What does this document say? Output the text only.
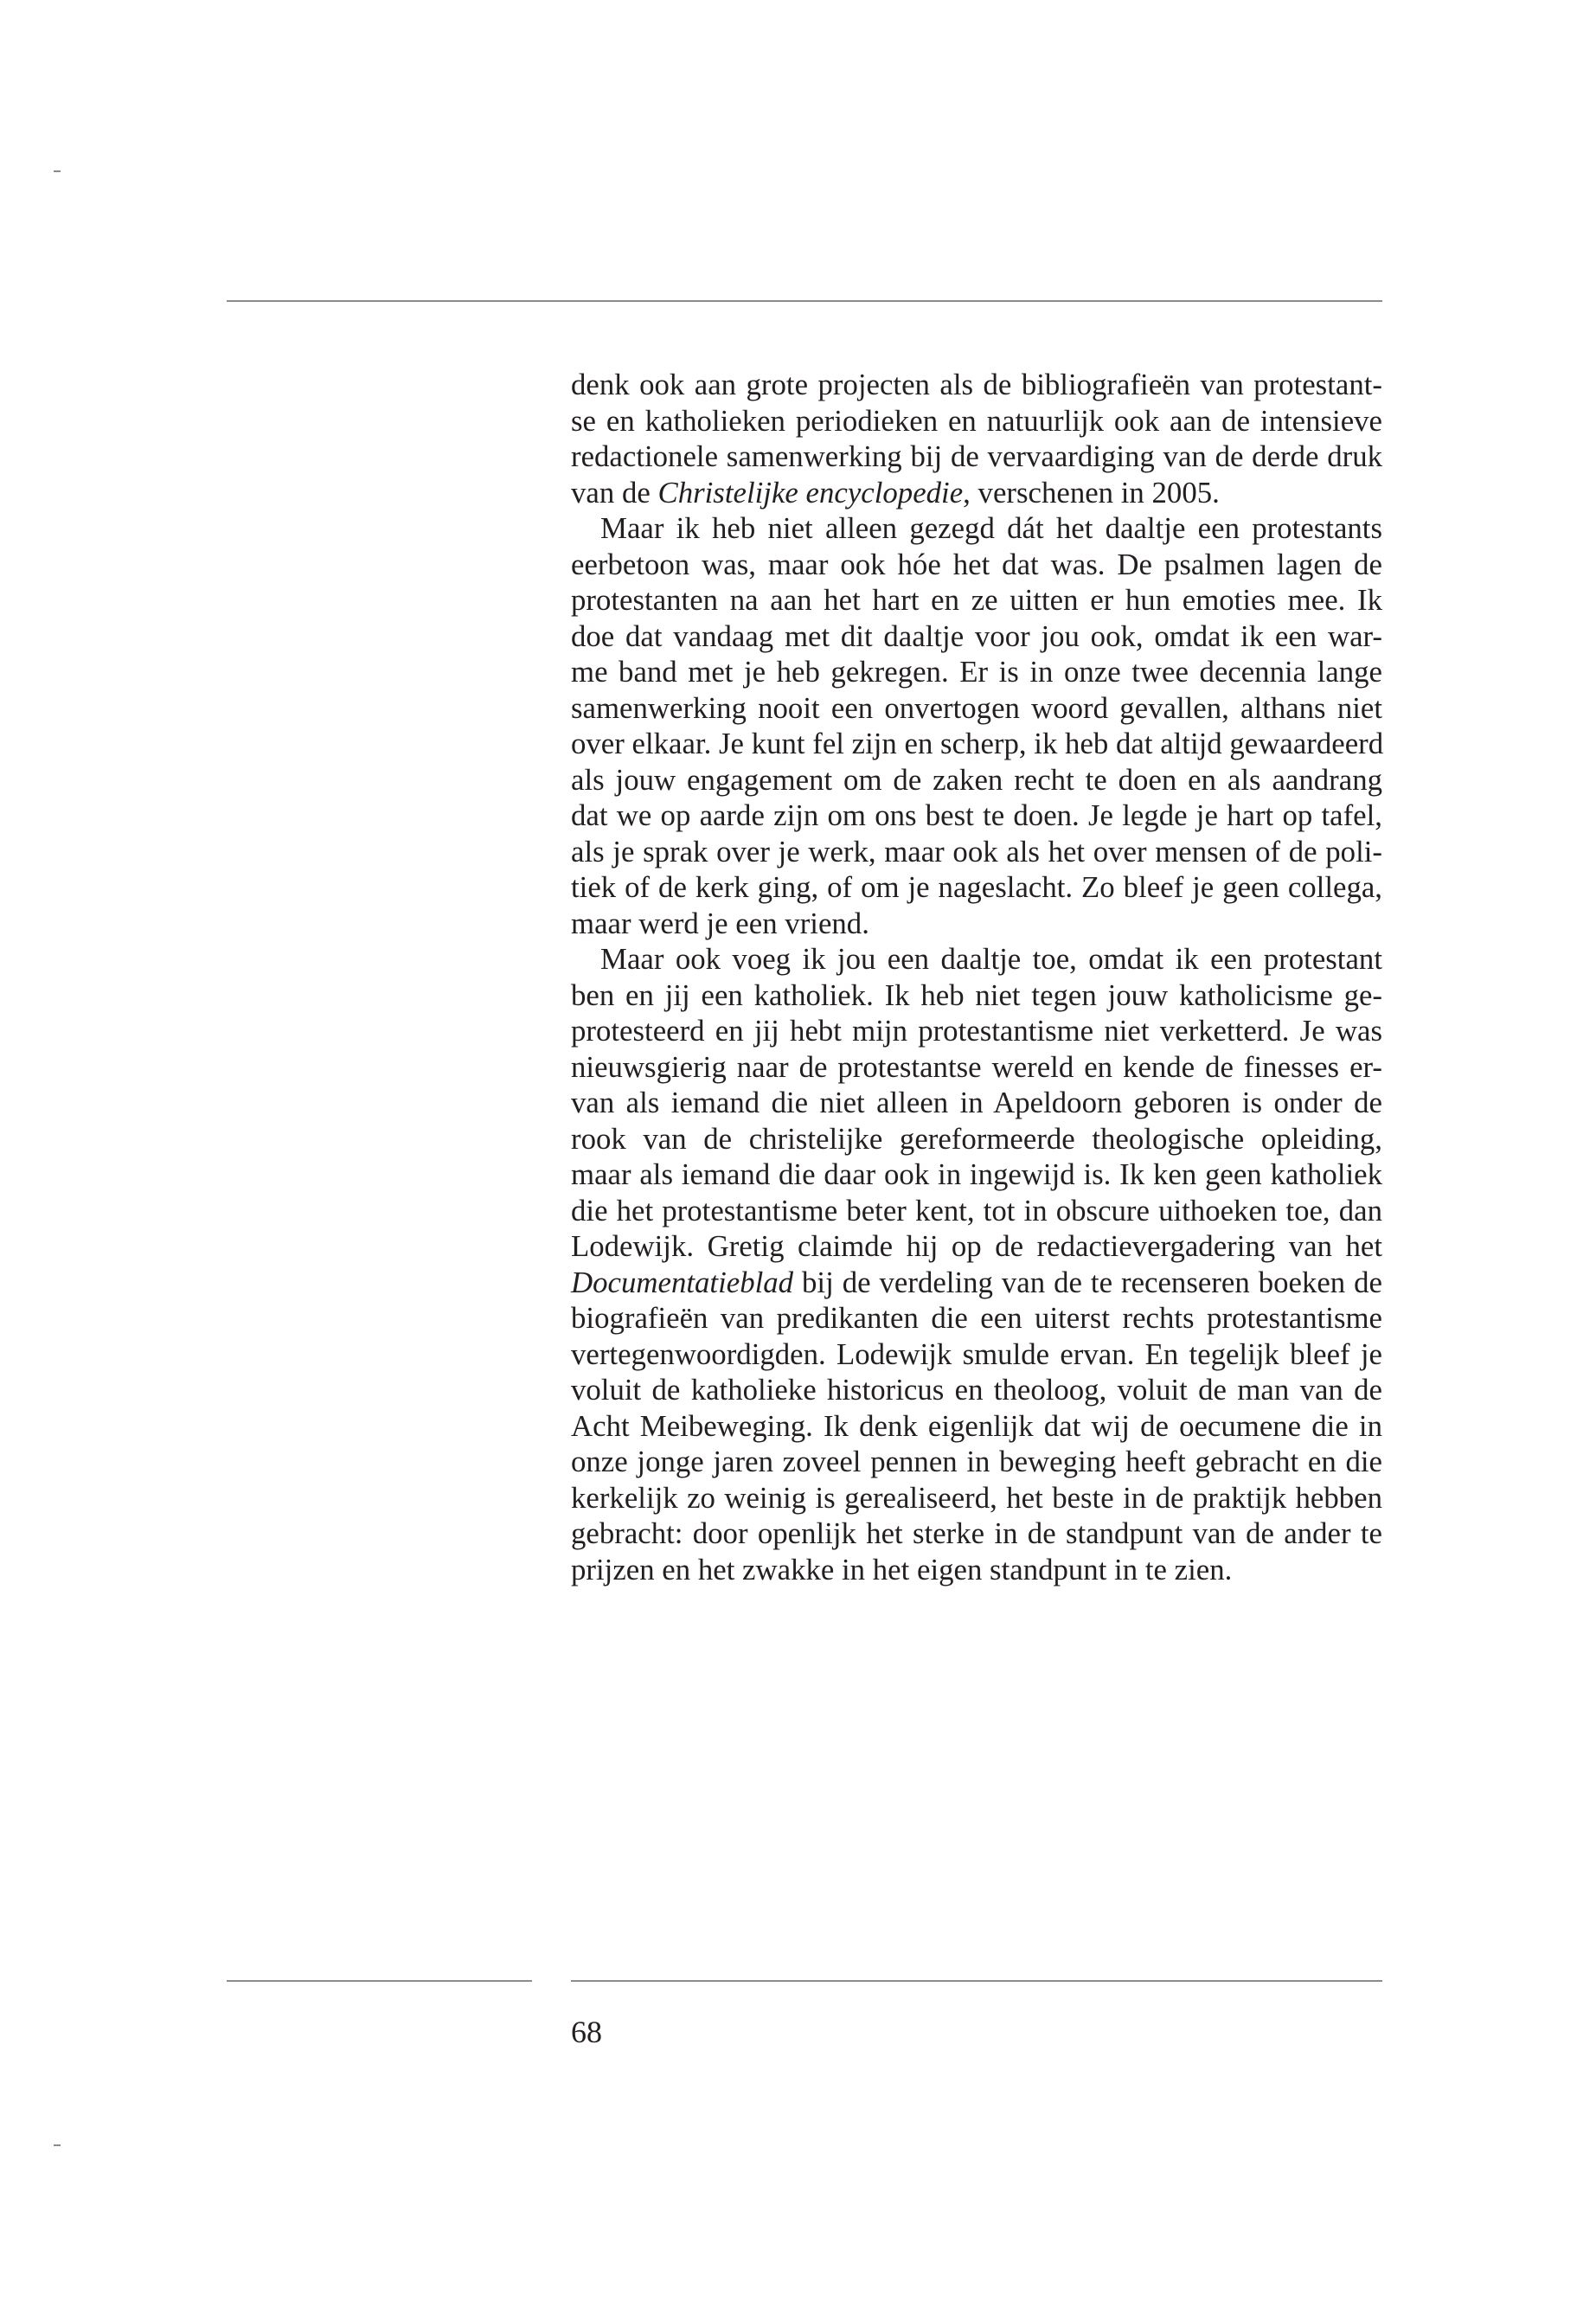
denk ook aan grote projecten als de bibliografieën van protestant-
se en katholieken periodieken en natuurlijk ook aan de intensieve
redactionele samenwerking bij de vervaardiging van de derde druk
van de Christelijke encyclopedie, verschenen in 2005.
Maar ik heb niet alleen gezegd dát het daaltje een protestants
eerbetoon was, maar ook hóe het dat was. De psalmen lagen de
protestanten na aan het hart en ze uitten er hun emoties mee. Ik
doe dat vandaag met dit daaltje voor jou ook, omdat ik een war-
me band met je heb gekregen. Er is in onze twee decennia lange
samenwerking nooit een onvertogen woord gevallen, althans niet
over elkaar. Je kunt fel zijn en scherp, ik heb dat altijd gewaardeerd
als jouw engagement om de zaken recht te doen en als aandrang
dat we op aarde zijn om ons best te doen. Je legde je hart op tafel,
als je sprak over je werk, maar ook als het over mensen of de poli-
tiek of de kerk ging, of om je nageslacht. Zo bleef je geen collega,
maar werd je een vriend.
Maar ook voeg ik jou een daaltje toe, omdat ik een protestant
ben en jij een katholiek. Ik heb niet tegen jouw katholicisme ge-
protesteerd en jij hebt mijn protestantisme niet verketterd. Je was
nieuwsgierig naar de protestantse wereld en kende de finesses er-
van als iemand die niet alleen in Apeldoorn geboren is onder de
rook van de christelijke gereformeerde theologische opleiding,
maar als iemand die daar ook in ingewijd is. Ik ken geen katholiek
die het protestantisme beter kent, tot in obscure uithoeken toe, dan
Lodewijk. Gretig claimde hij op de redactievergadering van het
Documentatieblad bij de verdeling van de te recenseren boeken de
biografieën van predikanten die een uiterst rechts protestantisme
vertegenwoordigden. Lodewijk smulde ervan. En tegelijk bleef je
voluit de katholieke historicus en theoloog, voluit de man van de
Acht Meibeweging. Ik denk eigenlijk dat wij de oecumene die in
onze jonge jaren zoveel pennen in beweging heeft gebracht en die
kerkelijk zo weinig is gerealiseerd, het beste in de praktijk hebben
gebracht: door openlijk het sterke in de standpunt van de ander te
prijzen en het zwakke in het eigen standpunt in te zien.
68
